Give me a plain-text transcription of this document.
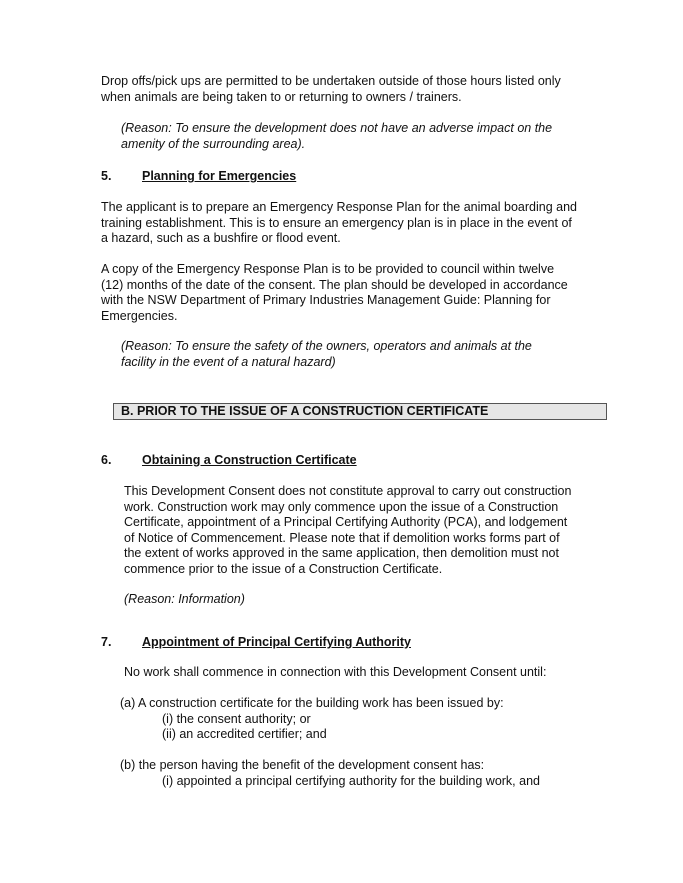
Drop offs/pick ups are permitted to be undertaken outside of those hours listed only
when animals are being taken to or returning to owners / trainers.
(Reason: To ensure the development does not have an adverse impact on the
amenity of the surrounding area).
5. Planning for Emergencies
The applicant is to prepare an Emergency Response Plan for the animal boarding and
training establishment. This is to ensure an emergency plan is in place in the event of
a hazard, such as a bushfire or flood event.
A copy of the Emergency Response Plan is to be provided to council within twelve
(12) months of the date of the consent. The plan should be developed in accordance
with the NSW Department of Primary Industries Management Guide: Planning for
Emergencies.
(Reason: To ensure the safety of the owners, operators and animals at the
facility in the event of a natural hazard)
B. PRIOR TO THE ISSUE OF A CONSTRUCTION CERTIFICATE
6. Obtaining a Construction Certificate
This Development Consent does not constitute approval to carry out construction
work. Construction work may only commence upon the issue of a Construction
Certificate, appointment of a Principal Certifying Authority (PCA), and lodgement
of Notice of Commencement. Please note that if demolition works forms part of
the extent of works approved in the same application, then demolition must not
commence prior to the issue of a Construction Certificate.
(Reason: Information)
7. Appointment of Principal Certifying Authority
No work shall commence in connection with this Development Consent until:
(a) A construction certificate for the building work has been issued by:
(i) the consent authority; or
(ii) an accredited certifier; and
(b) the person having the benefit of the development consent has:
(i) appointed a principal certifying authority for the building work, and
